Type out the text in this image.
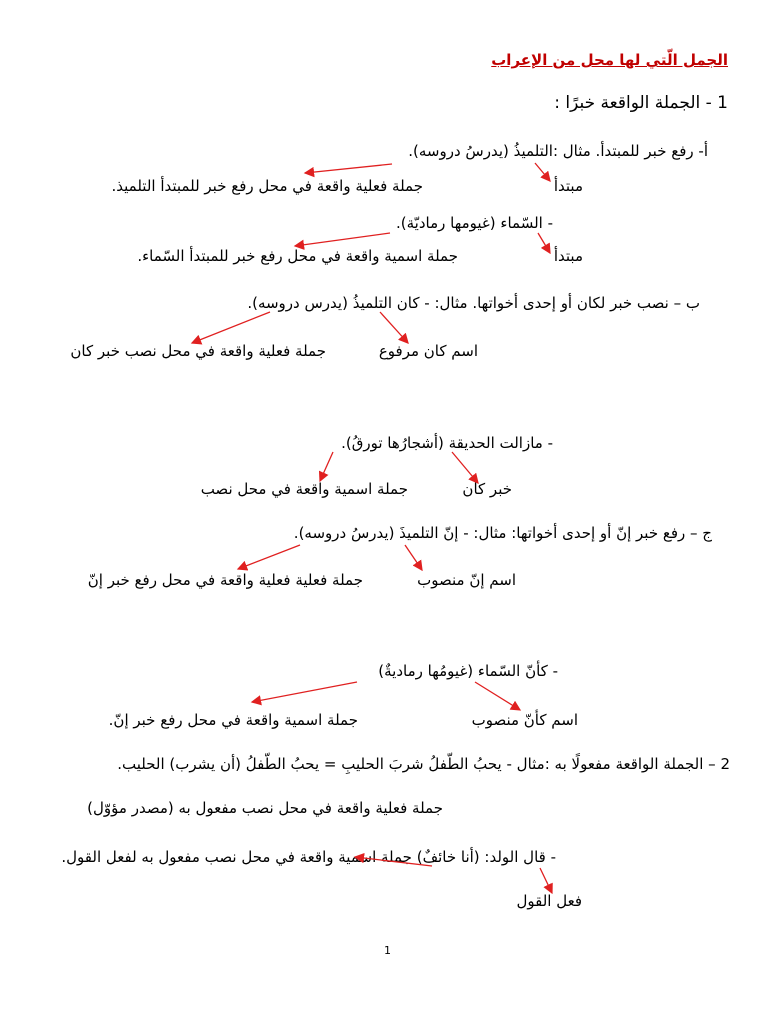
الجمل الّتي لها محل من الإعراب
1 - الجملة الواقعة خبرًا :
أ- رفع خبر للمبتدأ. مثال :التلميذُ (يدرسُ دروسه).
مبتدأ
جملة فعلية واقعة في محل رفع خبر للمبتدأ التلميذ.
- السّماء (غيومها رماديّة).
مبتدأ
جملة اسمية واقعة في محل رفع خبر للمبتدأ السّماء.
ب – نصب خبر لكان أو إحدى أخواتها. مثال: - كان التلميذُ (يدرس دروسه).
اسم كان مرفوع
جملة فعلية واقعة في محل نصب خبر كان
- مازالت الحديقة (أشجارُها تورقُ).
خبر كان
جملة اسمية واقعة في محل نصب
ج – رفع خبر إنّ أو إحدى أخواتها: مثال: - إنّ التلميذَ (يدرسُ دروسه).
اسم إنّ منصوب
جملة فعلية فعلية واقعة في محل رفع خبر إنّ
- كأنّ السّماء (غيومُها رماديةٌ)
اسم كأنّ منصوب
جملة اسمية واقعة في محل رفع خبر إنّ.
2 – الجملة الواقعة مفعولًا به :مثال - يحبُ الطّفلُ شربَ الحليبِ = يحبُ الطّفلُ (أن يشرب) الحليب.
جملة فعلية واقعة في محل نصب مفعول به (مصدر مؤوّل)
- قال الولد: (أنا خائفٌ) جملة اسمية واقعة في محل نصب مفعول به لفعل القول.
فعل القول
1
